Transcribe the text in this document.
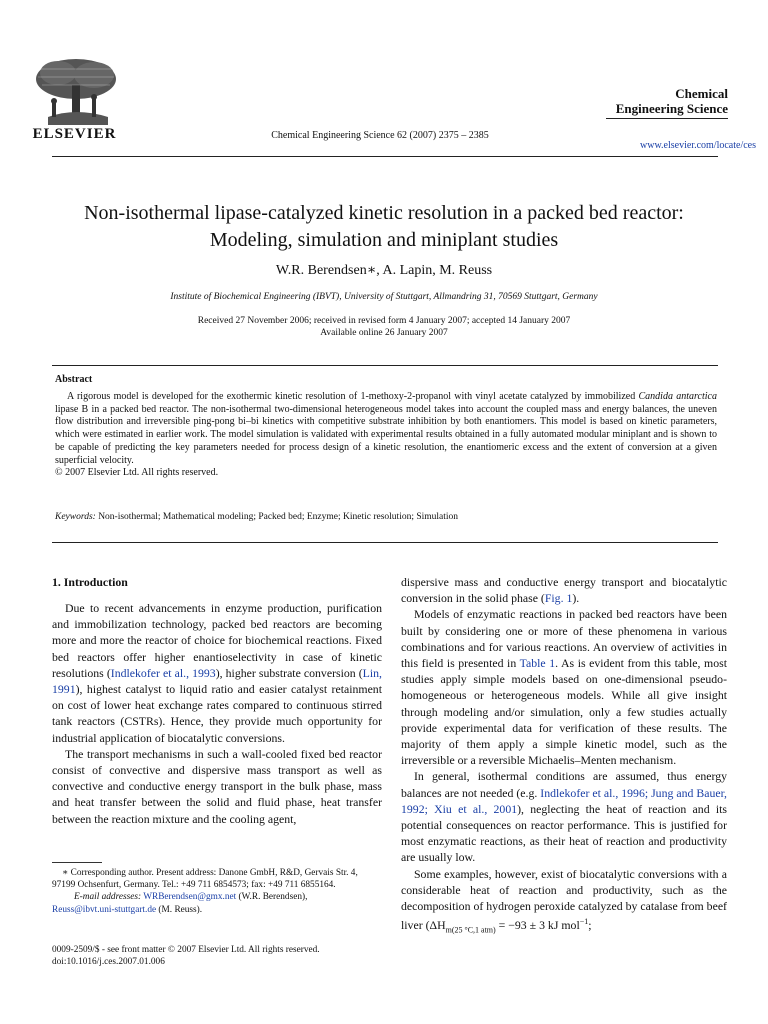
ELSEVIER	Chemical Engineering Science 62 (2007) 2375 – 2385
Chemical
Engineering Science
www.elsevier.com/locate/ces
Non-isothermal lipase-catalyzed kinetic resolution in a packed bed reactor:
Modeling, simulation and miniplant studies
W.R. Berendsen∗, A. Lapin, M. Reuss
Institute of Biochemical Engineering (IBVT), University of Stuttgart, Allmandring 31, 70569 Stuttgart, Germany
Received 27 November 2006; received in revised form 4 January 2007; accepted 14 January 2007
Available online 26 January 2007
Abstract
A rigorous model is developed for the exothermic kinetic resolution of 1-methoxy-2-propanol with vinyl acetate catalyzed by immobilized Candida antarctica lipase B in a packed bed reactor. The non-isothermal two-dimensional heterogeneous model takes into account the coupled mass and energy balances, the uneven flow distribution and irreversible ping-pong bi–bi kinetics with competitive substrate inhibition by both enantiomers. This model is based on kinetic parameters, which were estimated in earlier work. The model simulation is validated with experimental results obtained in a fully automated modular miniplant and is shown to be capable of predicting the key parameters needed for process design of a kinetic resolution, the enantiomeric excess and the extent of conversion at a given superficial velocity.
© 2007 Elsevier Ltd. All rights reserved.
Keywords: Non-isothermal; Mathematical modeling; Packed bed; Enzyme; Kinetic resolution; Simulation
1. Introduction

Due to recent advancements in enzyme production, purification and immobilization technology, packed bed reactors are becoming more and more the reactor of choice for biochemical reactions. Fixed bed reactors offer higher enantioselectivity in case of kinetic resolutions (Indlekofer et al., 1993), higher substrate conversion (Lin, 1991), highest catalyst to liquid ratio and easier catalyst retainment on cost of lower heat exchange rates compared to continuous stirred tank reactors (CSTRs). Hence, they provide much opportunity for industrial application of biocatalytic conversions.

The transport mechanisms in such a wall-cooled fixed bed reactor consist of convective and dispersive mass transport as well as convective and conductive energy transport in the bulk phase, mass and heat transfer between the solid and fluid phase, heat transfer between the reaction mixture and the cooling agent,

∗ Corresponding author. Present address: Danone GmbH, R&D, Gervais Str. 4, 97199 Ochsenfurt, Germany. Tel.: +49 711 6854573; fax: +49 711 6855164.
E-mail addresses: WRBerendsen@gmx.net (W.R. Berendsen),
Reuss@ibvt.uni-stuttgart.de (M. Reuss).
0009-2509/$ - see front matter © 2007 Elsevier Ltd. All rights reserved.
doi:10.1016/j.ces.2007.01.006

dispersive mass and conductive energy transport and biocatalytic conversion in the solid phase (Fig. 1).

Models of enzymatic reactions in packed bed reactors have been built by considering one or more of these phenomena in various combinations and for various reactions. An overview of activities in this field is presented in Table 1. As is evident from this table, most studies apply simple models based on one-dimensional pseudo-homogeneous or heterogeneous models. While all give insight through modeling and/or simulation, only a few studies actually provide experimental data for verification of these results. The majority of them apply a simple kinetic model, such as the irreversible or a reversible Michaelis–Menten mechanism.

In general, isothermal conditions are assumed, thus energy balances are not needed (e.g. Indlekofer et al., 1996; Jung and Bauer, 1992; Xiu et al., 2001), neglecting the heat of reaction and its potential consequences on reactor performance. This is justified for most enzymatic reactions, as their heat of reaction and productivity are usually low.

Some examples, however, exist of biocatalytic conversions with a considerable heat of reaction and productivity, such as the decomposition of hydrogen peroxide catalyzed by catalase from beef liver ($\Delta H_{m(25 ^\circ C,1 atm)} = -93 \pm 3$ kJ mol$^{-1}$;
